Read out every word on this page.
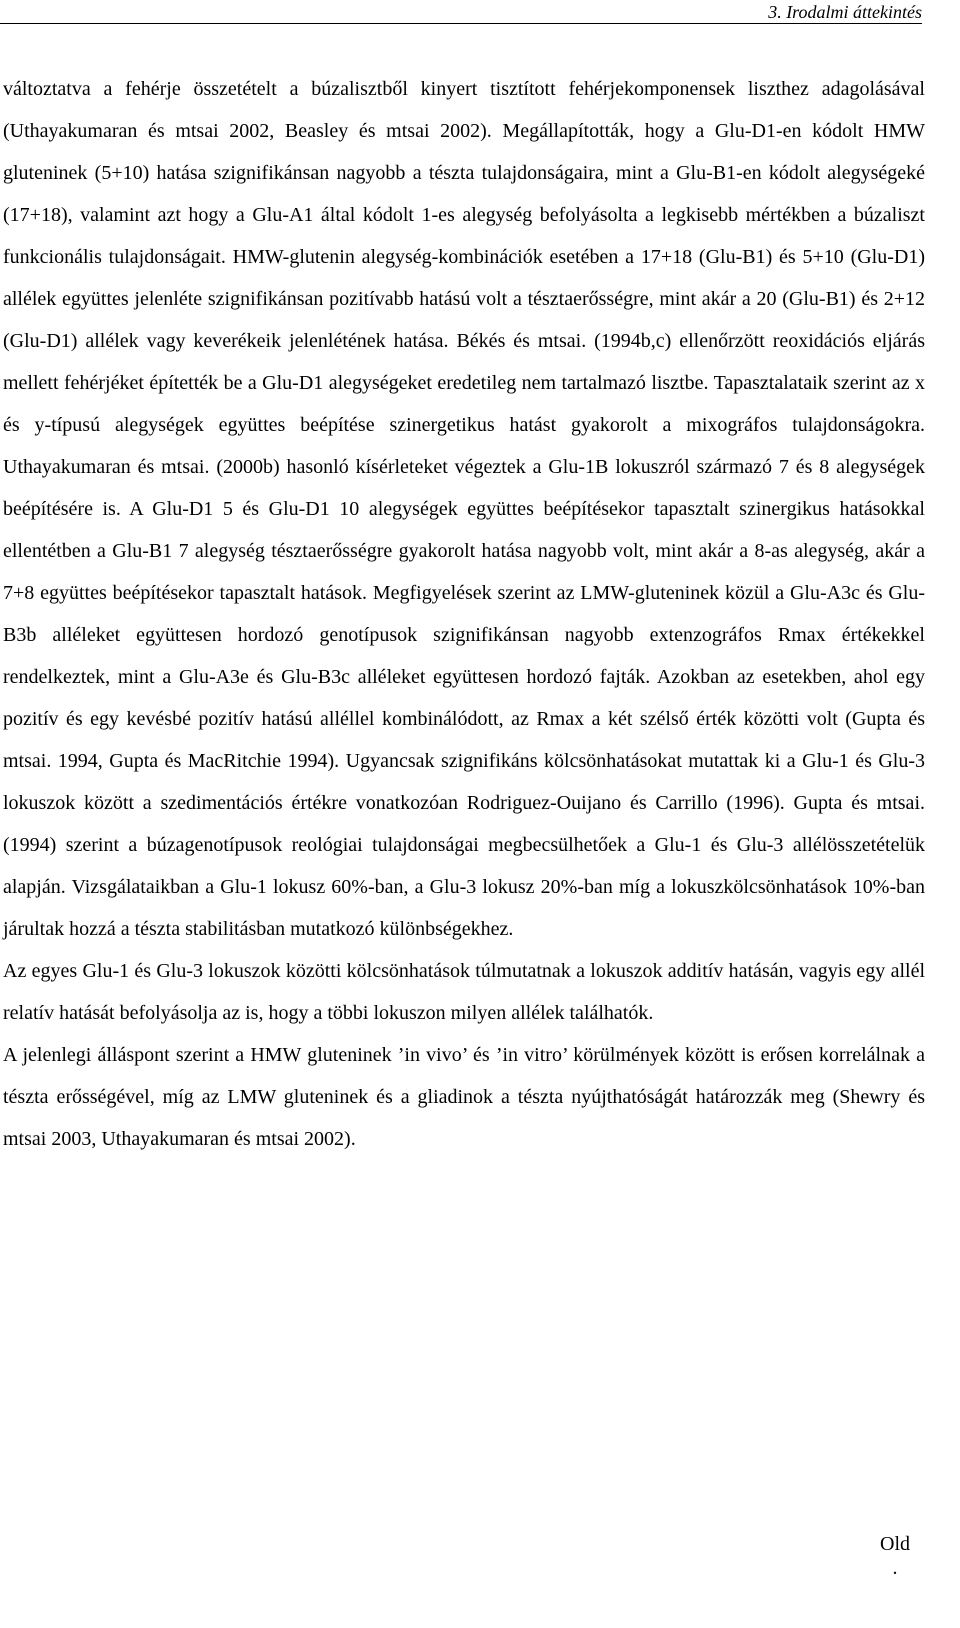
3. Irodalmi áttekintés

változtatva a fehérje összetételt a búzalisztből kinyert tisztított fehérjekomponensek liszthez adagolásával (Uthayakumaran és mtsai 2002, Beasley és mtsai 2002). Megállapították, hogy a Glu-D1-en kódolt HMW gluteninek (5+10) hatása szignifikánsan nagyobb a tészta tulajdonságaira, mint a Glu-B1-en kódolt alegységeké (17+18), valamint azt hogy a Glu-A1 által kódolt 1-es alegység befolyásolta a legkisebb mértékben a búzaliszt funkcionális tulajdonságait. HMW-glutenin alegység-kombinációk esetében a 17+18 (Glu-B1) és 5+10 (Glu-D1) allélek együttes jelenléte szignifikánsan pozitívabb hatású volt a tésztaerősségre, mint akár a 20 (Glu-B1) és 2+12 (Glu-D1) allélek vagy keverékeik jelenlétének hatása. Békés és mtsai. (1994b,c) ellenőrzött reoxidációs eljárás mellett fehérjéket építették be a Glu-D1 alegységeket eredetileg nem tartalmazó lisztbe. Tapasztalataik szerint az x és y-típusú alegységek együttes beépítése szinergetikus hatást gyakorolt a mixográfos tulajdonságokra. Uthayakumaran és mtsai. (2000b) hasonló kísérleteket végeztek a Glu-1B lokuszról származó 7 és 8 alegységek beépítésére is. A Glu-D1 5 és Glu-D1 10 alegységek együttes beépítésekor tapasztalt szinergikus hatásokkal ellentétben a Glu-B1 7 alegység tésztaerősségre gyakorolt hatása nagyobb volt, mint akár a 8-as alegység, akár a 7+8 együttes beépítésekor tapasztalt hatások. Megfigyelések szerint az LMW-gluteninek közül a Glu-A3c és Glu-B3b alléleket együttesen hordozó genotípusok szignifikánsan nagyobb extenzográfos Rmax értékekkel rendelkeztek, mint a Glu-A3e és Glu-B3c alléleket együttesen hordozó fajták. Azokban az esetekben, ahol egy pozitív és egy kevésbé pozitív hatású alléllel kombinálódott, az Rmax a két szélső érték közötti volt (Gupta és mtsai. 1994, Gupta és MacRitchie 1994). Ugyancsak szignifikáns kölcsönhatásokat mutattak ki a Glu-1 és Glu-3 lokuszok között a szedimentációs értékre vonatkozóan Rodriguez-Ouijano és Carrillo (1996). Gupta és mtsai. (1994) szerint a búzagenotípusok reológiai tulajdonságai megbecsülhetőek a Glu-1 és Glu-3 allélösszetételük alapján. Vizsgálataikban a Glu-1 lokusz 60%-ban, a Glu-3 lokusz 20%-ban míg a lokuszkölcsönhatások 10%-ban járultak hozzá a tészta stabilitásban mutatkozó különbségekhez.

Az egyes Glu-1 és Glu-3 lokuszok közötti kölcsönhatások túlmutatnak a lokuszok additív hatásán, vagyis egy allél relatív hatását befolyásolja az is, hogy a többi lokuszon milyen allélek találhatók.

A jelenlegi álláspont szerint a HMW gluteninek ’in vivo’ és ’in vitro’ körülmények között is erősen korrelálnak a tészta erősségével, míg az LMW gluteninek és a gliadinok a tészta nyújthatóságát határozzák meg (Shewry és mtsai 2003, Uthayakumaran és mtsai 2002).

Old
.
